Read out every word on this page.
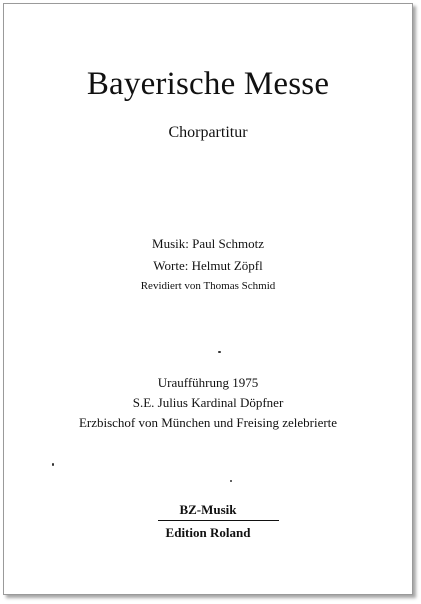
Bayerische Messe
Chorpartitur
Musik: Paul Schmotz
Worte: Helmut Zöpfl
Revidiert von Thomas Schmid
Uraufführung 1975
S.E. Julius Kardinal Döpfner
Erzbischof von München und Freising zelebrierte
BZ-Musik
Edition Roland
